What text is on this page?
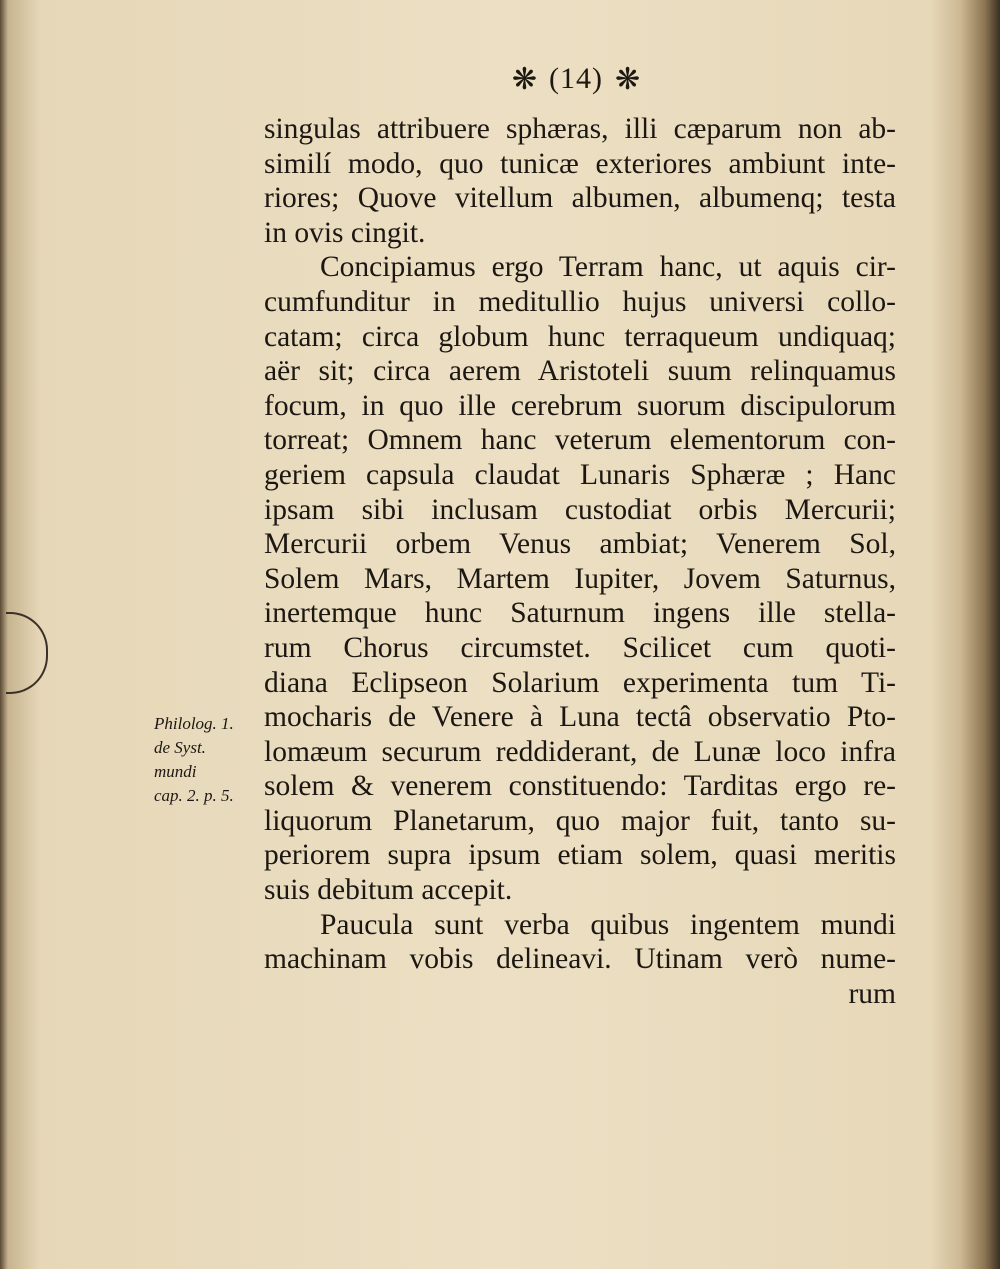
❋ (14) ❋
Philolog. 1.
de Syst.
mundi
cap. 2. p. 5.
singulas attribuere sphæras, illi cæparum non ab-
similí modo, quo tunicæ exteriores ambiunt inte-
riores; Quove vitellum albumen, albumenq; testa
in ovis cingit.
Concipiamus ergo Terram hanc, ut aquis cir-
cumfunditur in meditullio hujus universi collo-
catam; circa globum hunc terraqueum undiquaq;
aër sit; circa aerem Aristoteli suum relinquamus
focum, in quo ille cerebrum suorum discipulorum
torreat; Omnem hanc veterum elementorum con-
geriem capsula claudat Lunaris Sphæræ ; Hanc
ipsam sibi inclusam custodiat orbis Mercurii;
Mercurii orbem Venus ambiat; Venerem Sol,
Solem Mars, Martem Iupiter, Jovem Saturnus,
inertemque hunc Saturnum ingens ille stella-
rum Chorus circumstet. Scilicet cum quoti-
diana Eclipseon Solarium experimenta tum Ti-
mocharis de Venere à Luna tectâ observatio Pto-
lomæum securum reddiderant, de Lunæ loco infra
solem & venerem constituendo: Tarditas ergo re-
liquorum Planetarum, quo major fuit, tanto su-
periorem supra ipsum etiam solem, quasi meritis
suis debitum accepit.
Paucula sunt verba quibus ingentem mundi
machinam vobis delineavi. Utinam verò nume-
rum
